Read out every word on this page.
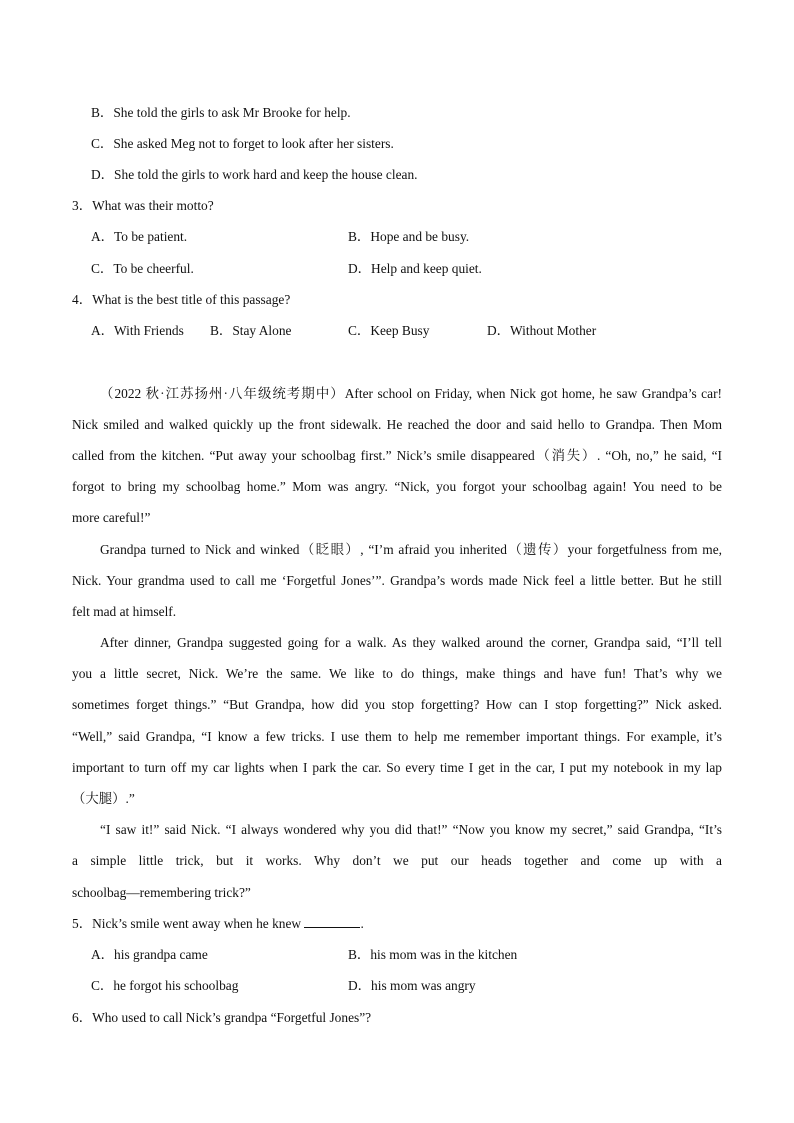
B．She told the girls to ask Mr Brooke for help.
C．She asked Meg not to forget to look after her sisters.
D．She told the girls to work hard and keep the house clean.
3．What was their motto?
A．To be patient.	B．Hope and be busy.
C．To be cheerful.	D．Help and keep quiet.
4．What is the best title of this passage?
A．With Friends B．Stay Alone	C．Keep Busy	D．Without Mother
（2022 秋·江苏扬州·八年级统考期中）After school on Friday, when Nick got home, he saw Grandpa’s car!
Nick smiled and walked quickly up the front sidewalk. He reached the door and said hello to Grandpa. Then Mom
called from the kitchen. “Put away your schoolbag first.” Nick’s smile disappeared（消失）. “Oh, no,” he said, “I
forgot to bring my schoolbag home.” Mom was angry. “Nick, you forgot your schoolbag again! You need to be
more careful!”
Grandpa turned to Nick and winked（眨眼）, “I’m afraid you inherited（遗传）your forgetfulness from me,
Nick. Your grandma used to call me ‘Forgetful Jones’”. Grandpa’s words made Nick feel a little better. But he still
felt mad at himself.
After dinner, Grandpa suggested going for a walk. As they walked around the corner, Grandpa said, “I’ll tell
you a little secret, Nick. We’re the same. We like to do things, make things and have fun! That’s why we
sometimes forget things.” “But Grandpa, how did you stop forgetting? How can I stop forgetting?” Nick asked.
“Well,” said Grandpa, “I know a few tricks. I use them to help me remember important things. For example, it’s
important to turn off my car lights when I park the car. So every time I get in the car, I put my notebook in my lap
（大腿）.”
“I saw it!” said Nick. “I always wondered why you did that!” “Now you know my secret,” said Grandpa, “It’s
a simple little trick, but it works. Why don’t we put our heads together and come up with a
schoolbag—remembering trick?”
5．Nick’s smile went away when he knew	.
A．his grandpa came	B．his mom was in the kitchen
C．he forgot his schoolbag	D．his mom was angry
6．Who used to call Nick’s grandpa “Forgetful Jones”?
